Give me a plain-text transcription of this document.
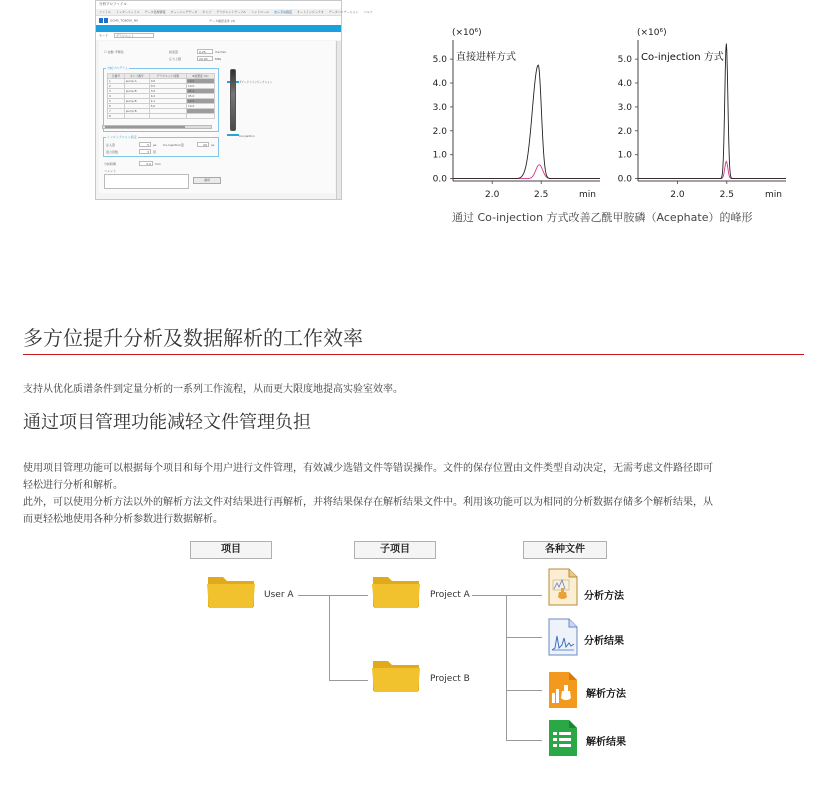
分析プロファイル
ファイル インターフェイス データ処理情報 チューニングデータ ポンプ グラジエントテーブル コントロール モードの設定 オートインジェクタ データバリデーション ヘルプ
GCMS_TQ8050_NX	データ確認条件 (3)
モード	グラジエント
☐ 自動 平衡化	総流量	0.25	mL/min
圧力上限	20.00	MPa
分析プログラム
行番号	ポンプ番号	グラジエント時間	B液濃度 (%)
1	pump A	0.0	10.0
2		0.5	10.0
3	pump B	3.0	95.0
4		4.0	95.0
5	pump B	4.1	10.0
6		5.0	10.0
7	pump B		
8			
ダイレクトインジェクション
Co-injection
インジェクション設定
注入量	5	μL Co-injection量	20	μL
混合回数	3	回
分析時間	5.0	min
コメント
適用
(×10⁶)
直接进样方式
0.0
1.0
2.0
3.0
4.0
5.0
2.0	2.5	min
(×10⁶)
Co-injection 方式
0.0
1.0
2.0
3.0
4.0
5.0
2.0	2.5	min
通过 Co-injection 方式改善乙酰甲胺磷（Acephate）的峰形
多方位提升分析及数据解析的工作效率
支持从优化质谱条件到定量分析的一系列工作流程，从而更大限度地提高实验室效率。
通过项目管理功能减轻文件管理负担
使用项目管理功能可以根据每个项目和每个用户进行文件管理，有效减少选错文件等错误操作。文件的保存位置由文件类型自动决定，无需考虑文件路径即可
轻松进行分析和解析。
此外，可以使用分析方法以外的解析方法文件对结果进行再解析，并将结果保存在解析结果文件中。利用该功能可以为相同的分析数据存储多个解析结果，从
而更轻松地使用各种分析参数进行数据解析。
项目	子项目	各种文件
User A	Project A
Project B
分析方法
分析结果
解析方法
解析结果
